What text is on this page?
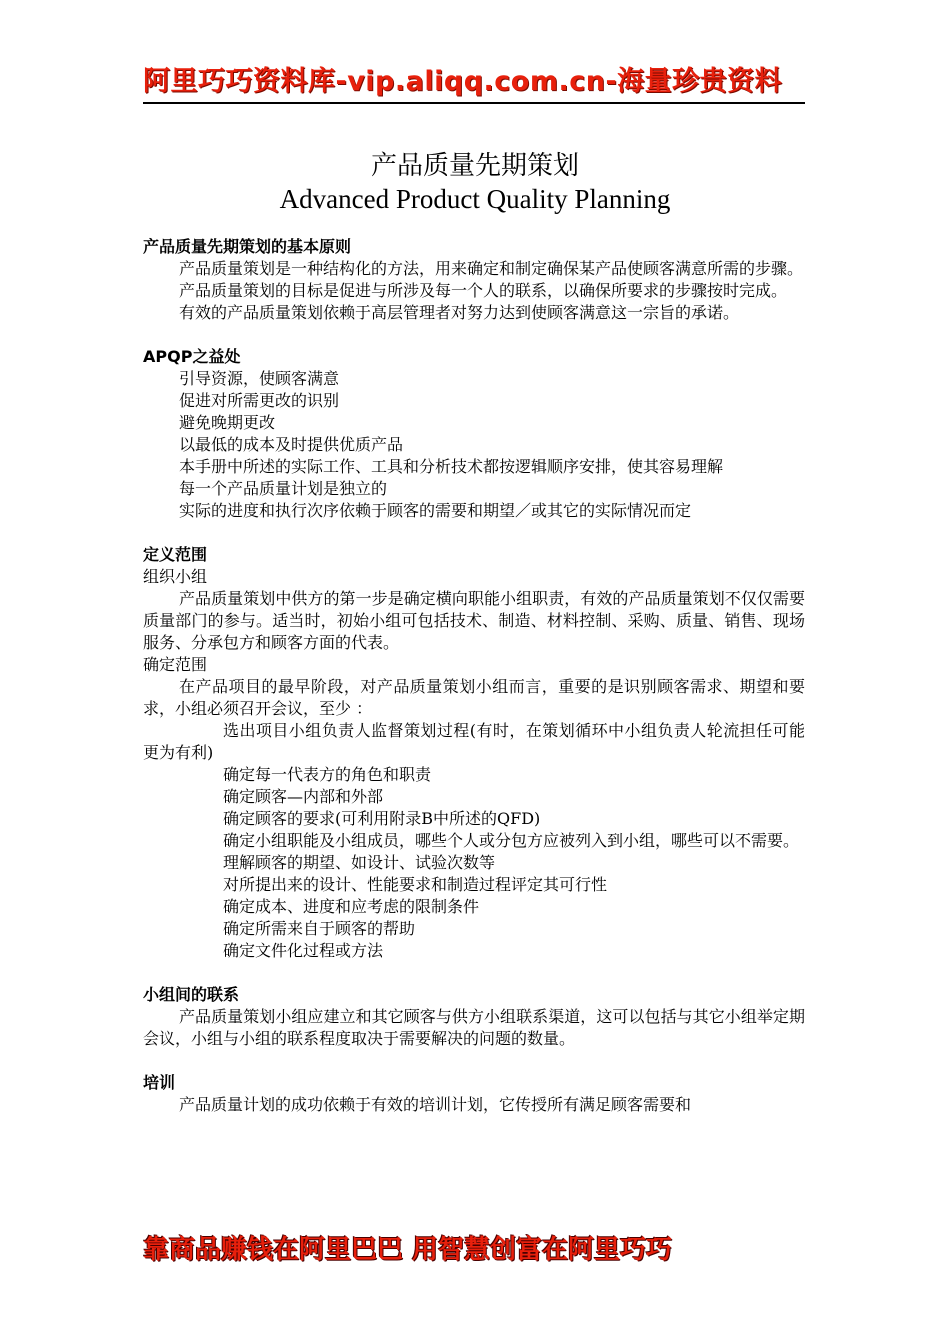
阿里巧巧资料库-vip.aliqq.com.cn-海量珍贵资料
产品质量先期策划
Advanced Product Quality Planning
产品质量先期策划的基本原则
产品质量策划是一种结构化的方法，用来确定和制定确保某产品使顾客满意所需的步骤。
产品质量策划的目标是促进与所涉及每一个人的联系，以确保所要求的步骤按时完成。
有效的产品质量策划依赖于高层管理者对努力达到使顾客满意这一宗旨的承诺。
APQP之益处
引导资源，使顾客满意
促进对所需更改的识别
避免晚期更改
以最低的成本及时提供优质产品
本手册中所述的实际工作、工具和分析技术都按逻辑顺序安排，使其容易理解
每一个产品质量计划是独立的
实际的进度和执行次序依赖于顾客的需要和期望／或其它的实际情况而定
定义范围
组织小组
产品质量策划中供方的第一步是确定横向职能小组职责，有效的产品质量策划不仅仅需要质量部门的参与。适当时，初始小组可包括技术、制造、材料控制、采购、质量、销售、现场服务、分承包方和顾客方面的代表。
确定范围
在产品项目的最早阶段，对产品质量策划小组而言，重要的是识别顾客需求、期望和要求，小组必须召开会议，至少 ：
选出项目小组负责人监督策划过程(有时，在策划循环中小组负责人轮流担任可能更为有利)
确定每一代表方的角色和职责
确定顾客—内部和外部
确定顾客的要求(可利用附录B中所述的QFD)
确定小组职能及小组成员，哪些个人或分包方应被列入到小组，哪些可以不需要。
理解顾客的期望、如设计、试验次数等
对所提出来的设计、性能要求和制造过程评定其可行性
确定成本、进度和应考虑的限制条件
确定所需来自于顾客的帮助
确定文件化过程或方法
小组间的联系
产品质量策划小组应建立和其它顾客与供方小组联系渠道，这可以包括与其它小组举定期会议，小组与小组的联系程度取决于需要解决的问题的数量。
培训
产品质量计划的成功依赖于有效的培训计划，它传授所有满足顾客需要和
靠商品赚钱在阿里巴巴 用智慧创富在阿里巧巧
